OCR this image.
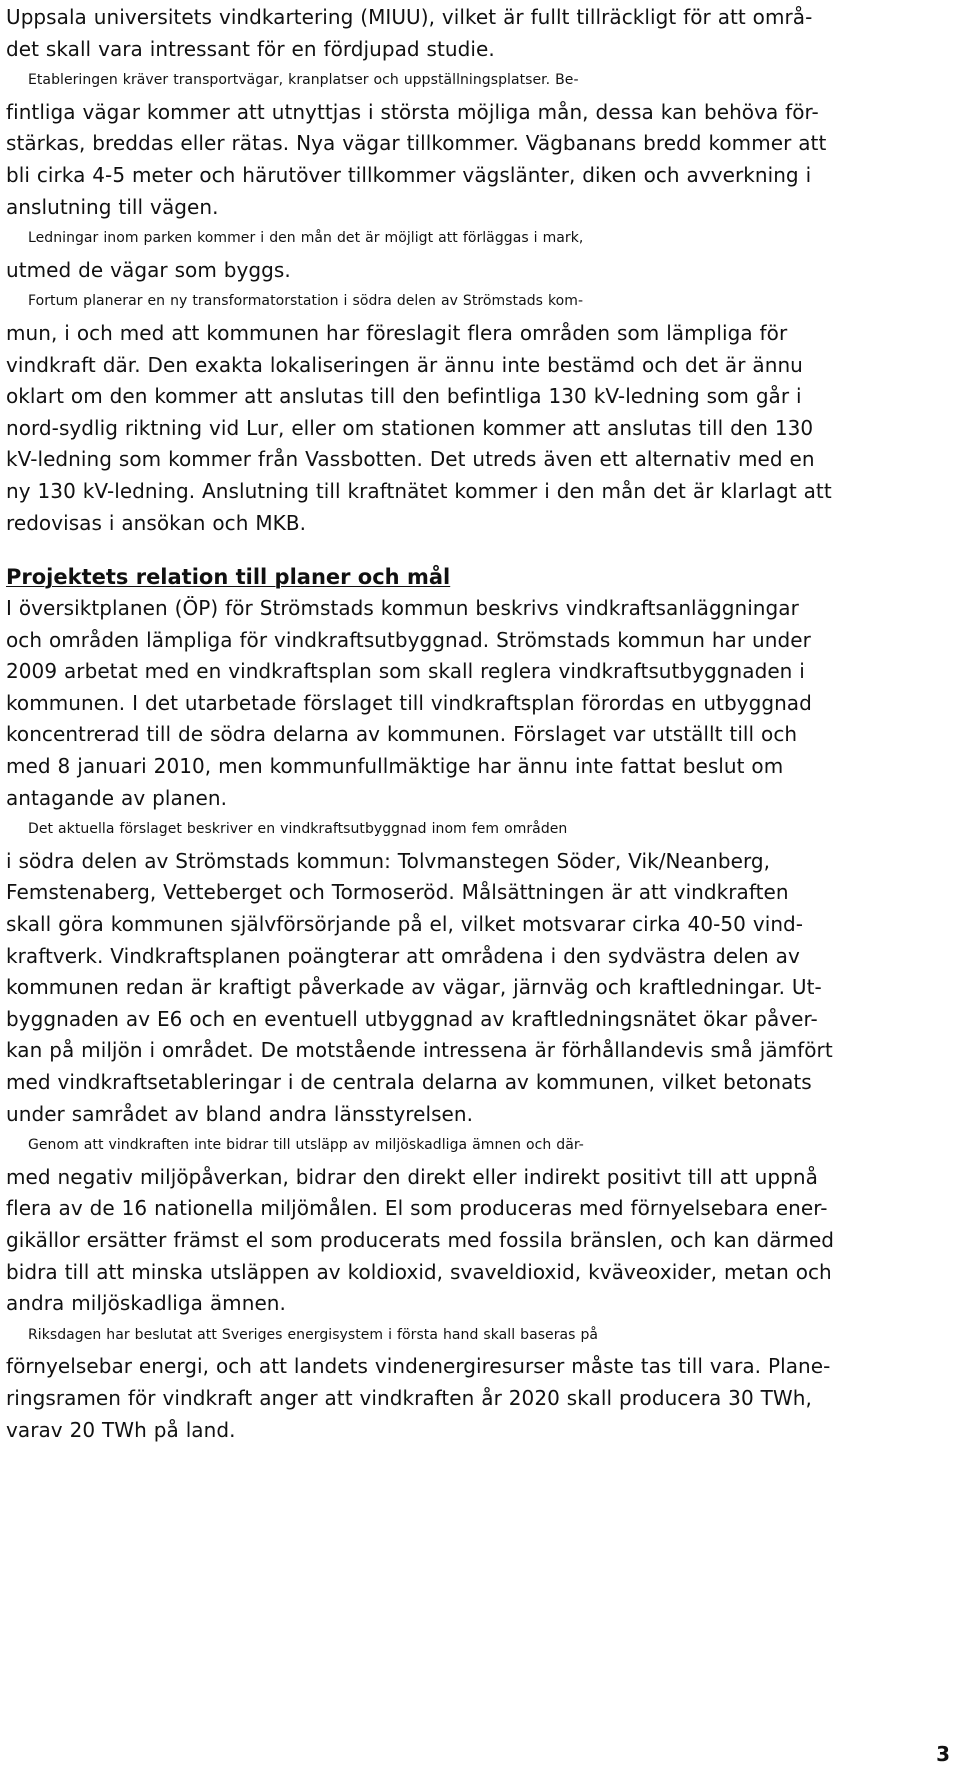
Uppsala universitets vindkartering (MIUU), vilket är fullt tillräckligt för att områ-
det skall vara intressant för en fördjupad studie.

Etableringen kräver transportvägar, kranplatser och uppställningsplatser. Be-
fintliga vägar kommer att utnyttjas i största möjliga mån, dessa kan behöva för-
stärkas, breddas eller rätas. Nya vägar tillkommer. Vägbanans bredd kommer att
bli cirka 4-5 meter och härutöver tillkommer vägslänter, diken och avverkning i
anslutning till vägen.

Ledningar inom parken kommer i den mån det är möjligt att förläggas i mark,
utmed de vägar som byggs.

Fortum planerar en ny transformatorstation i södra delen av Strömstads kom-
mun, i och med att kommunen har föreslagit flera områden som lämpliga för
vindkraft där. Den exakta lokaliseringen är ännu inte bestämd och det är ännu
oklart om den kommer att anslutas till den befintliga 130 kV-ledning som går i
nord-sydlig riktning vid Lur, eller om stationen kommer att anslutas till den 130
kV-ledning som kommer från Vassbotten. Det utreds även ett alternativ med en
ny 130 kV-ledning. Anslutning till kraftnätet kommer i den mån det är klarlagt att
redovisas i ansökan och MKB.

Projektets relation till planer och mål

I översiktplanen (ÖP) för Strömstads kommun beskrivs vindkraftsanläggningar
och områden lämpliga för vindkraftsutbyggnad. Strömstads kommun har under
2009 arbetat med en vindkraftsplan som skall reglera vindkraftsutbyggnaden i
kommunen. I det utarbetade förslaget till vindkraftsplan förordas en utbyggnad
koncentrerad till de södra delarna av kommunen. Förslaget var utställt till och
med 8 januari 2010, men kommunfullmäktige har ännu inte fattat beslut om
antagande av planen.

Det aktuella förslaget beskriver en vindkraftsutbyggnad inom fem områden
i södra delen av Strömstads kommun: Tolvmanstegen Söder, Vik/Neanberg,
Femstenaberg, Vetteberget och Tormoseröd. Målsättningen är att vindkraften
skall göra kommunen självförsörjande på el, vilket motsvarar cirka 40-50 vind-
kraftverk. Vindkraftsplanen poängterar att områdena i den sydvästra delen av
kommunen redan är kraftigt påverkade av vägar, järnväg och kraftledningar. Ut-
byggnaden av E6 och en eventuell utbyggnad av kraftledningsnätet ökar påver-
kan på miljön i området. De motstående intressena är förhållandevis små jämfört
med vindkraftsetableringar i de centrala delarna av kommunen, vilket betonats
under samrådet av bland andra länsstyrelsen.

Genom att vindkraften inte bidrar till utsläpp av miljöskadliga ämnen och där-
med negativ miljöpåverkan, bidrar den direkt eller indirekt positivt till att uppnå
flera av de 16 nationella miljömålen. El som produceras med förnyelsebara ener-
gikällor ersätter främst el som producerats med fossila bränslen, och kan därmed
bidra till att minska utsläppen av koldioxid, svaveldioxid, kväveoxider, metan och
andra miljöskadliga ämnen.

Riksdagen har beslutat att Sveriges energisystem i första hand skall baseras på
förnyelsebar energi, och att landets vindenergiresurser måste tas till vara. Plane-
ringsramen för vindkraft anger att vindkraften år 2020 skall producera 30 TWh,
varav 20 TWh på land.

3
